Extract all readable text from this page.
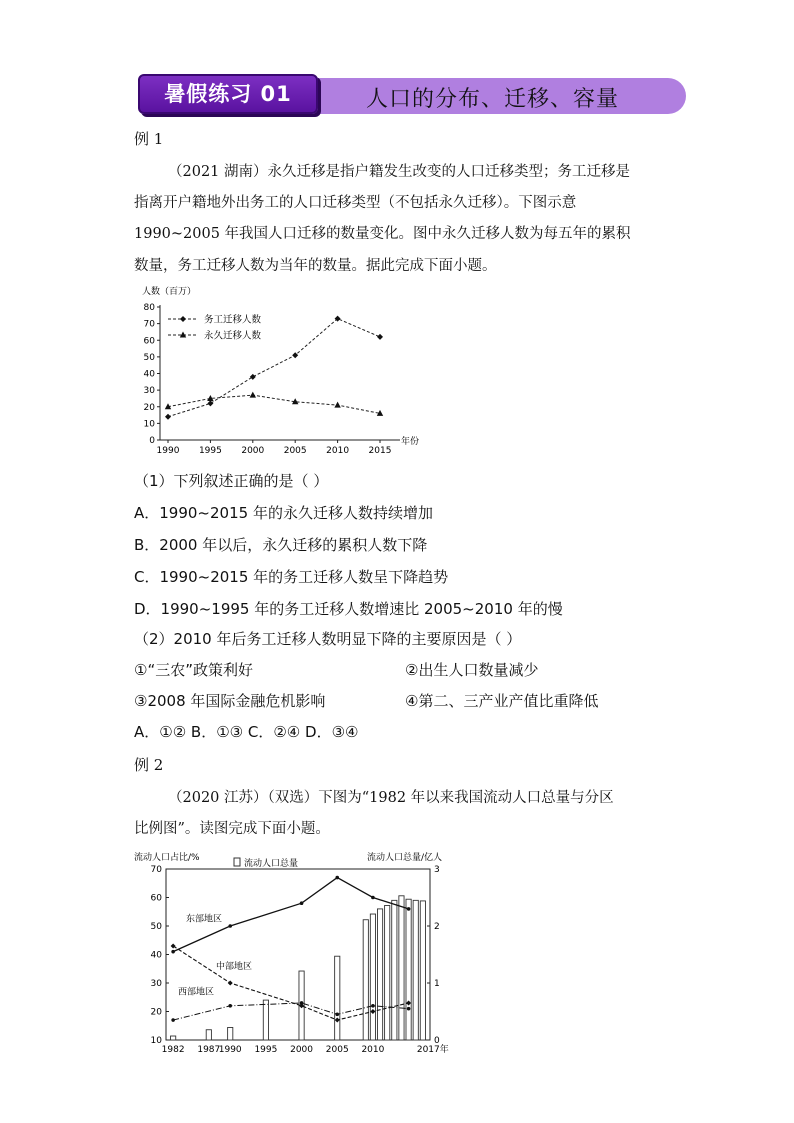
暑假练习 01	人口的分布、迁移、容量
例 1
（2021 湖南）永久迁移是指户籍发生改变的人口迁移类型；务工迁移是
指离开户籍地外出务工的人口迁移类型（不包括永久迁移）。下图示意
1990~2005 年我国人口迁移的数量变化。图中永久迁移人数为每五年的累积
数量，务工迁移人数为当年的数量。据此完成下面小题。
人数（百万）
0
10
20
30
40
50
60
70
80
1990 1995 2000 2005 2010 2015
年份
务工迁移人数
永久迁移人数
（1）下列叙述正确的是（ ）
A．1990~2015 年的永久迁移人数持续增加
B．2000 年以后，永久迁移的累积人数下降
C．1990~2015 年的务工迁移人数呈下降趋势
D．1990~1995 年的务工迁移人数增速比 2005~2010 年的慢
（2）2010 年后务工迁移人数明显下降的主要原因是（ ）
①“三农”政策利好	②出生人口数量减少
③2008 年国际金融危机影响	④第二、三产业产值比重降低
A．①② B．①③ C．②④ D．③④
例 2
（2020 江苏）（双选）下图为“1982 年以来我国流动人口总量与分区
比例图”。读图完成下面小题。
流动人口占比/%	流动人口总量/亿人
10
20
30
40
50
60
70
0
1
2
3
1982 1987
1990 1995 2000 2005 2010	2017年
流动人口总量
东部地区
中部地区
西部地区
